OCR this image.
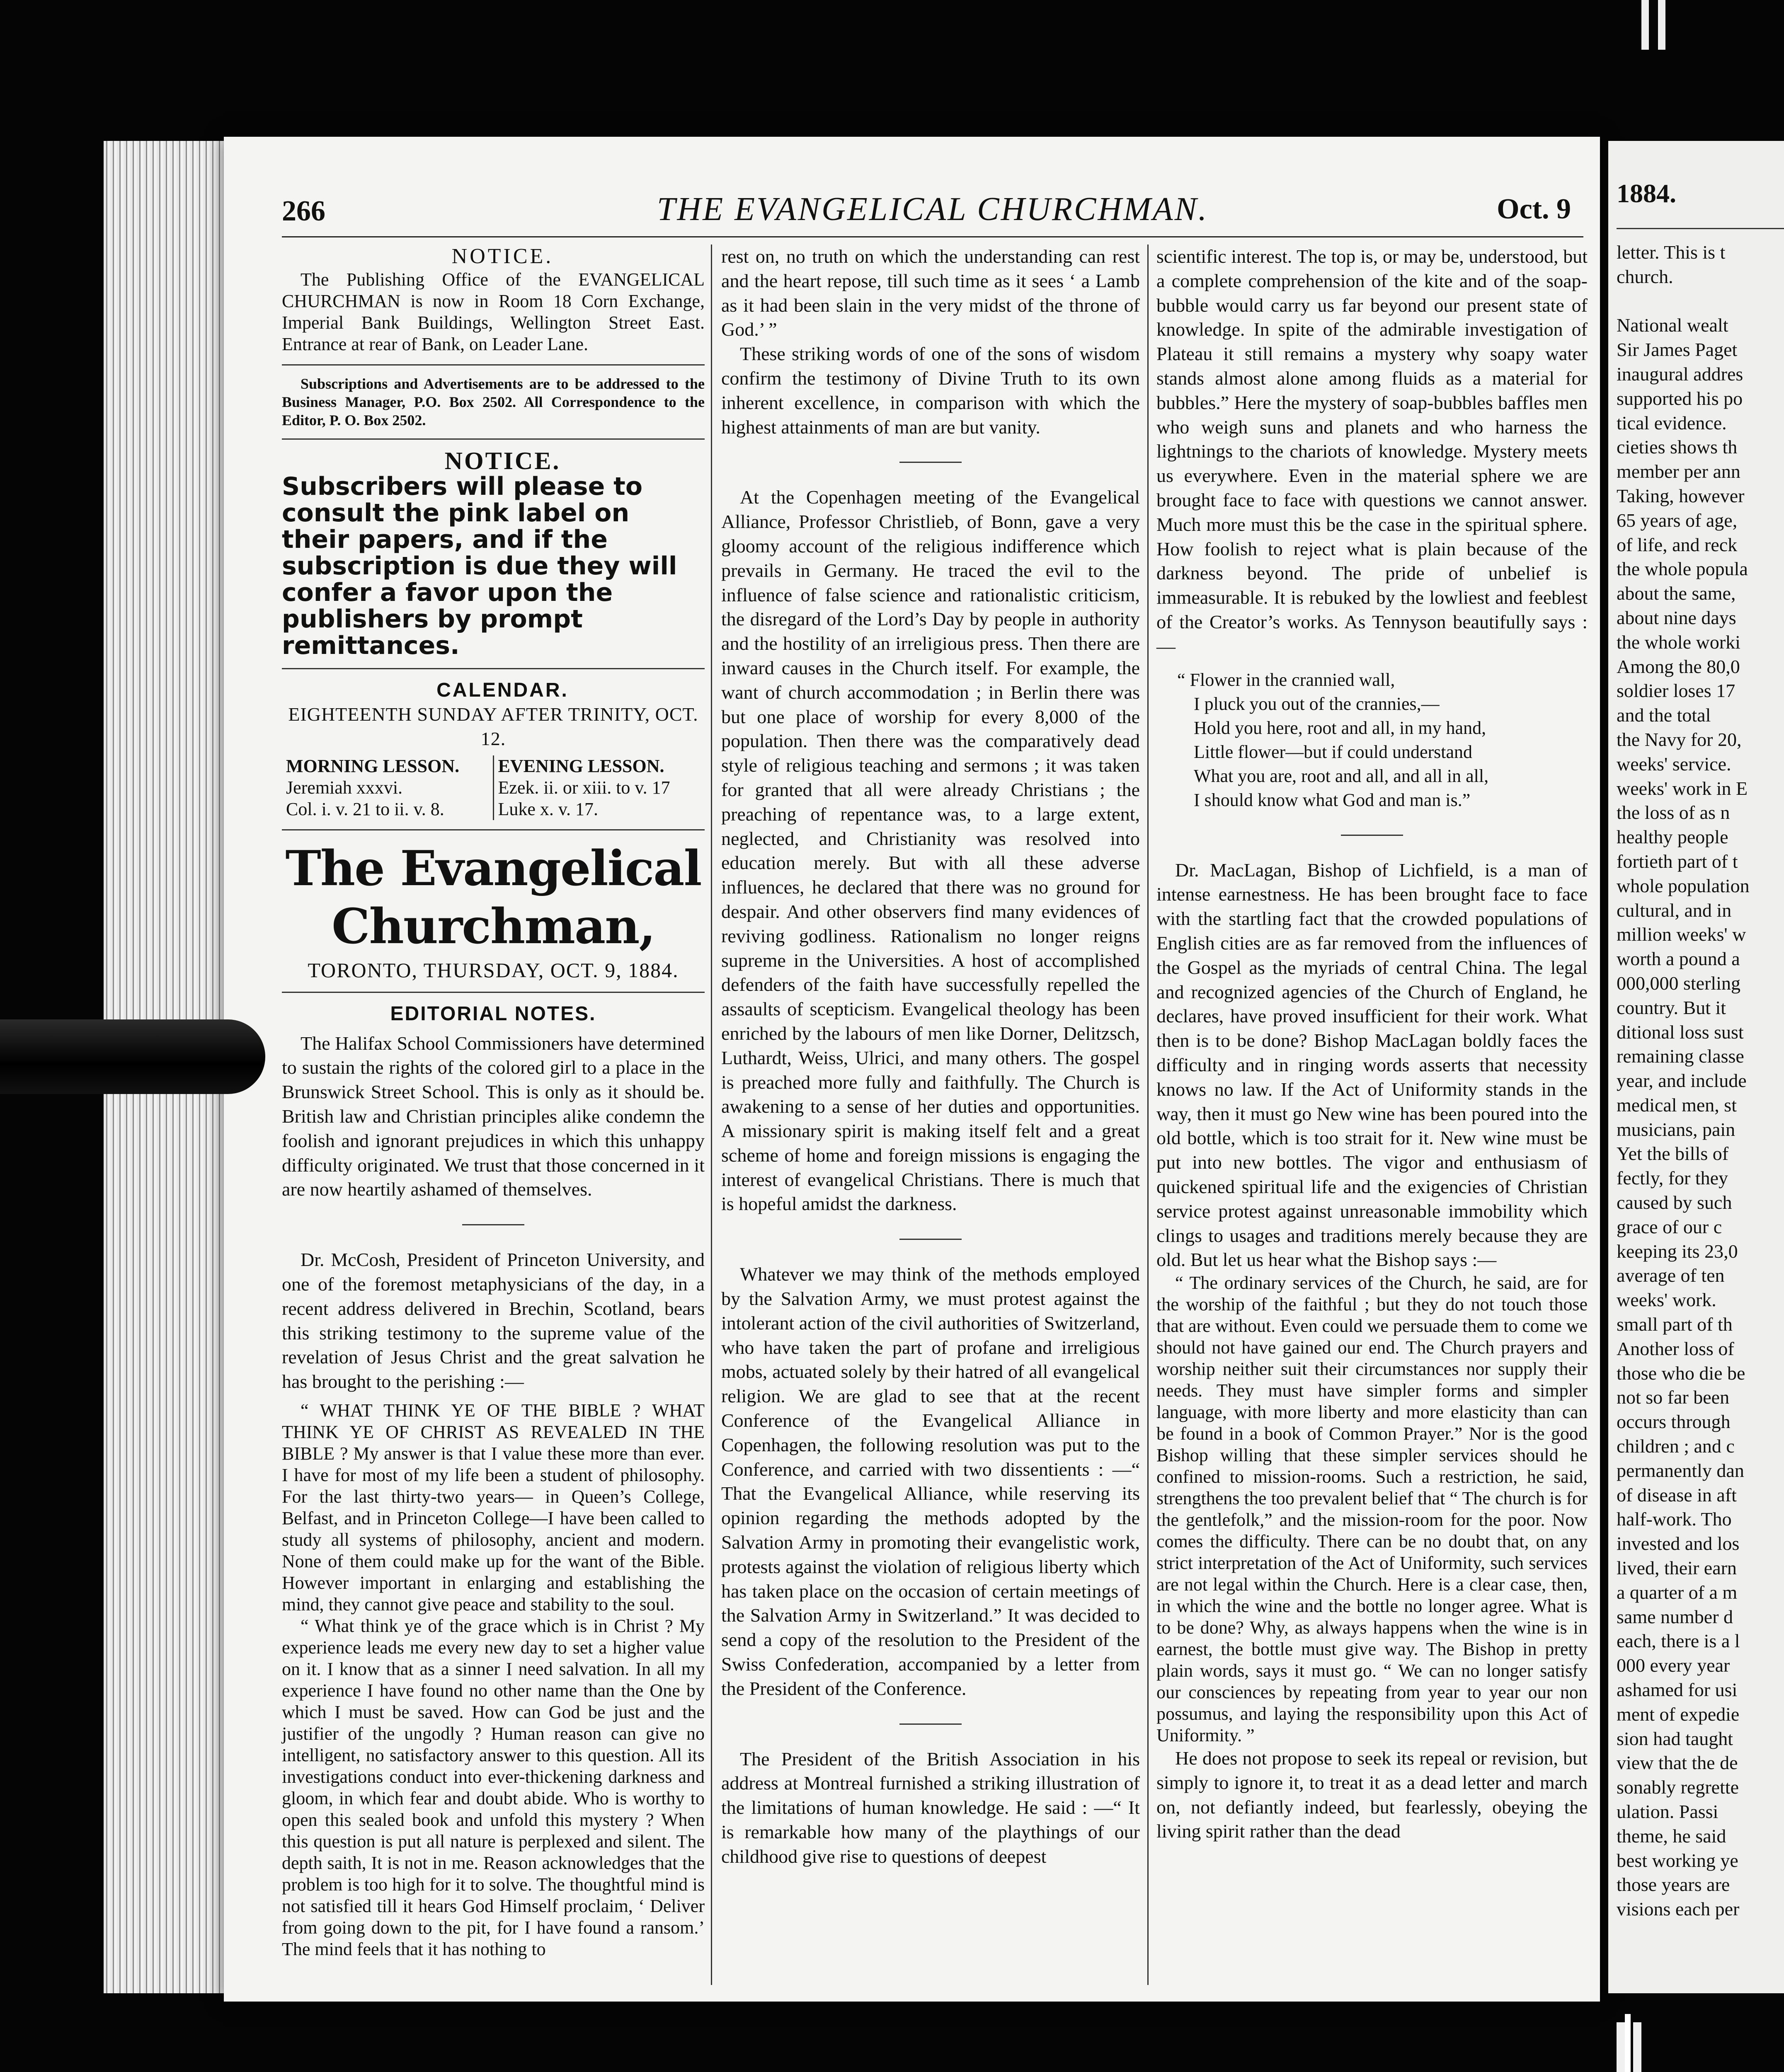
266	THE EVANGELICAL CHURCHMAN.	Oct. 9

NOTICE.

The Publishing Office of the EVANGELICAL CHURCHMAN is now in Room 18 Corn Exchange, Imperial Bank Buildings, Wellington Street East. Entrance at rear of Bank, on Leader Lane.

Subscriptions and Advertisements are to be addressed to the Business Manager, P.O. Box 2502. All Correspondence to the Editor, P. O. Box 2502.

NOTICE.

Subscribers will please to consult the pink label on their papers, and if the subscription is due they will confer a favor upon the publishers by prompt remittances.

CALENDAR.

EIGHTEENTH SUNDAY AFTER TRINITY, OCT. 12.

MORNING LESSON.
Jeremiah xxxvi.
Col. i. v. 21 to ii. v. 8.
EVENING LESSON.
Ezek. ii. or xiii. to v. 17
Luke x. v. 17.
The Evangelical Churchman,
TORONTO, THURSDAY, OCT. 9, 1884.
EDITORIAL NOTES.

The Halifax School Commissioners have determined to sustain the rights of the colored girl to a place in the Brunswick Street School. This is only as it should be. British law and Christian principles alike condemn the foolish and ignorant prejudices in which this unhappy difficulty originated. We trust that those concerned in it are now heartily ashamed of themselves.

Dr. McCosh, President of Princeton University, and one of the foremost metaphysicians of the day, in a recent address delivered in Brechin, Scotland, bears this striking testimony to the supreme value of the revelation of Jesus Christ and the great salvation he has brought to the perishing :—

“ WHAT THINK YE OF THE BIBLE ? WHAT THINK YE OF CHRIST AS REVEALED IN THE BIBLE ? My answer is that I value these more than ever. I have for most of my life been a student of philosophy. For the last thirty-two years— in Queen’s College, Belfast, and in Princeton College—I have been called to study all systems of philosophy, ancient and modern. None of them could make up for the want of the Bible. However important in enlarging and establishing the mind, they cannot give peace and stability to the soul.

“ What think ye of the grace which is in Christ ? My experience leads me every new day to set a higher value on it. I know that as a sinner I need salvation. In all my experience I have found no other name than the One by which I must be saved. How can God be just and the justifier of the ungodly ? Human reason can give no intelligent, no satisfactory answer to this question. All its investigations conduct into ever-thickening darkness and gloom, in which fear and doubt abide. Who is worthy to open this sealed book and unfold this mystery ? When this question is put all nature is perplexed and silent. The depth saith, It is not in me. Reason acknowledges that the problem is too high for it to solve. The thoughtful mind is not satisfied till it hears God Himself proclaim, ‘ Deliver from going down to the pit, for I have found a ransom.’ The mind feels that it has nothing to

rest on, no truth on which the understanding can rest and the heart repose, till such time as it sees ‘ a Lamb as it had been slain in the very midst of the throne of God.’ ”

These striking words of one of the sons of wisdom confirm the testimony of Divine Truth to its own inherent excellence, in comparison with which the highest attainments of man are but vanity.

At the Copenhagen meeting of the Evangelical Alliance, Professor Christlieb, of Bonn, gave a very gloomy account of the religious indifference which prevails in Germany. He traced the evil to the influence of false science and rationalistic criticism, the disregard of the Lord’s Day by people in authority and the hostility of an irreligious press. Then there are inward causes in the Church itself. For example, the want of church accommodation ; in Berlin there was but one place of worship for every 8,000 of the population. Then there was the comparatively dead style of religious teaching and sermons ; it was taken for granted that all were already Christians ; the preaching of repentance was, to a large extent, neglected, and Christianity was resolved into education merely. But with all these adverse influences, he declared that there was no ground for despair. And other observers find many evidences of reviving godliness. Rationalism no longer reigns supreme in the Universities. A host of accomplished defenders of the faith have successfully repelled the assaults of scepticism. Evangelical theology has been enriched by the labours of men like Dorner, Delitzsch, Luthardt, Weiss, Ulrici, and many others. The gospel is preached more fully and faithfully. The Church is awakening to a sense of her duties and opportunities. A missionary spirit is making itself felt and a great scheme of home and foreign missions is engaging the interest of evangelical Christians. There is much that is hopeful amidst the darkness.

Whatever we may think of the methods employed by the Salvation Army, we must protest against the intolerant action of the civil authorities of Switzerland, who have taken the part of profane and irreligious mobs, actuated solely by their hatred of all evangelical religion. We are glad to see that at the recent Conference of the Evangelical Alliance in Copenhagen, the following resolution was put to the Conference, and carried with two dissentients : —“ That the Evangelical Alliance, while reserving its opinion regarding the methods adopted by the Salvation Army in promoting their evangelistic work, protests against the violation of religious liberty which has taken place on the occasion of certain meetings of the Salvation Army in Switzerland.” It was decided to send a copy of the resolution to the President of the Swiss Confederation, accompanied by a letter from the President of the Conference.

The President of the British Association in his address at Montreal furnished a striking illustration of the limitations of human knowledge. He said : —“ It is remarkable how many of the playthings of our childhood give rise to questions of deepest

scientific interest. The top is, or may be, understood, but a complete comprehension of the kite and of the soap-bubble would carry us far beyond our present state of knowledge. In spite of the admirable investigation of Plateau it still remains a mystery why soapy water stands almost alone among fluids as a material for bubbles.” Here the mystery of soap-bubbles baffles men who weigh suns and planets and who harness the lightnings to the chariots of knowledge. Mystery meets us everywhere. Even in the material sphere we are brought face to face with questions we cannot answer. Much more must this be the case in the spiritual sphere. How foolish to reject what is plain because of the darkness beyond. The pride of unbelief is immeasurable. It is rebuked by the lowliest and feeblest of the Creator’s works. As Tennyson beautifully says :—

“ Flower in the crannied wall,
I pluck you out of the crannies,—
Hold you here, root and all, in my hand,
Little flower—but if could understand
What you are, root and all, and all in all,
I should know what God and man is.”

Dr. MacLagan, Bishop of Lichfield, is a man of intense earnestness. He has been brought face to face with the startling fact that the crowded populations of English cities are as far removed from the influences of the Gospel as the myriads of central China. The legal and recognized agencies of the Church of England, he declares, have proved insufficient for their work. What then is to be done? Bishop MacLagan boldly faces the difficulty and in ringing words asserts that necessity knows no law. If the Act of Uniformity stands in the way, then it must go New wine has been poured into the old bottle, which is too strait for it. New wine must be put into new bottles. The vigor and enthusiasm of quickened spiritual life and the exigencies of Christian service protest against unreasonable immobility which clings to usages and traditions merely because they are old. But let us hear what the Bishop says :—

“ The ordinary services of the Church, he said, are for the worship of the faithful ; but they do not touch those that are without. Even could we persuade them to come we should not have gained our end. The Church prayers and worship neither suit their circumstances nor supply their needs. They must have simpler forms and simpler language, with more liberty and more elasticity than can be found in a book of Common Prayer.” Nor is the good Bishop willing that these simpler services should he confined to mission-rooms. Such a restriction, he said, strengthens the too prevalent belief that “ The church is for the gentlefolk,” and the mission-room for the poor. Now comes the difficulty. There can be no doubt that, on any strict interpretation of the Act of Uniformity, such services are not legal within the Church. Here is a clear case, then, in which the wine and the bottle no longer agree. What is to be done? Why, as always happens when the wine is in earnest, the bottle must give way. The Bishop in pretty plain words, says it must go. “ We can no longer satisfy our consciences by repeating from year to year our non possumus, and laying the responsibility upon this Act of Uniformity. ”

He does not propose to seek its repeal or revision, but simply to ignore it, to treat it as a dead letter and march on, not defiantly indeed, but fearlessly, obeying the living spirit rather than the dead

1884.
letter. This is t
church.
National wealt
Sir James Paget
inaugural addres
supported his po
tical evidence.
cieties shows th
member per ann
Taking, however
65 years of age,
of life, and reck
the whole popula
about the same,
about nine days
the whole worki
Among the 80,0
soldier loses 17
and the total
the Navy for 20,
weeks' service.
weeks' work in E
the loss of as n
healthy people
fortieth part of t
whole population
cultural, and in
million weeks' w
worth a pound a
000,000 sterling
country. But it
ditional loss sust
remaining classe
year, and include
medical men, st
musicians, pain
Yet the bills of
fectly, for they
caused by such
grace of our c
keeping its 23,0
average of ten
weeks' work.
small part of th
Another loss of
those who die be
not so far been
occurs through
children ; and c
permanently dan
of disease in aft
half-work. Tho
invested and los
lived, their earn
a quarter of a m
same number d
each, there is a l
000 every year
ashamed for usi
ment of expedie
sion had taught
view that the de
sonably regrette
ulation. Passi
theme, he said
best working ye
those years are
visions each per
